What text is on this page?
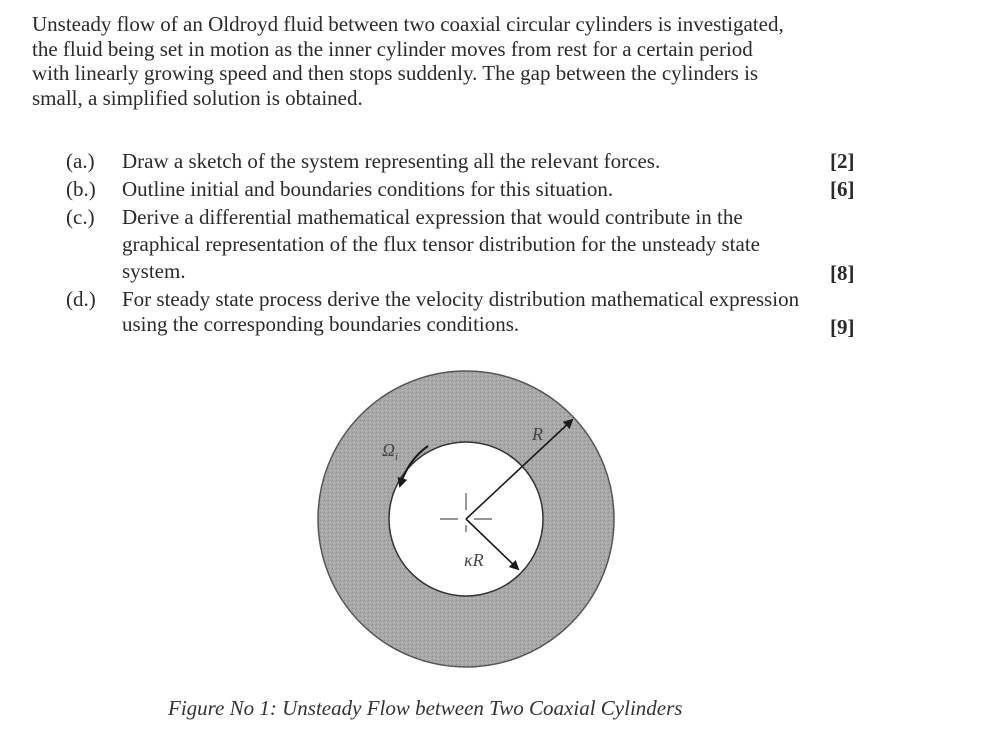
Unsteady flow of an Oldroyd fluid between two coaxial circular cylinders is investigated,
the fluid being set in motion as the inner cylinder moves from rest for a certain period
with linearly growing speed and then stops suddenly. The gap between the cylinders is
small, a simplified solution is obtained.
(a.) Draw a sketch of the system representing all the relevant forces.	[2]
(b.) Outline initial and boundaries conditions for this situation.	[6]
(c.) Derive a differential mathematical expression that would contribute in the
graphical representation of the flux tensor distribution for the unsteady state
system.	[8]
(d.) For steady state process derive the velocity distribution mathematical expression
using the corresponding boundaries conditions.	[9]
R
κR
$\Omega_i$
Figure No 1: Unsteady Flow between Two Coaxial Cylinders
